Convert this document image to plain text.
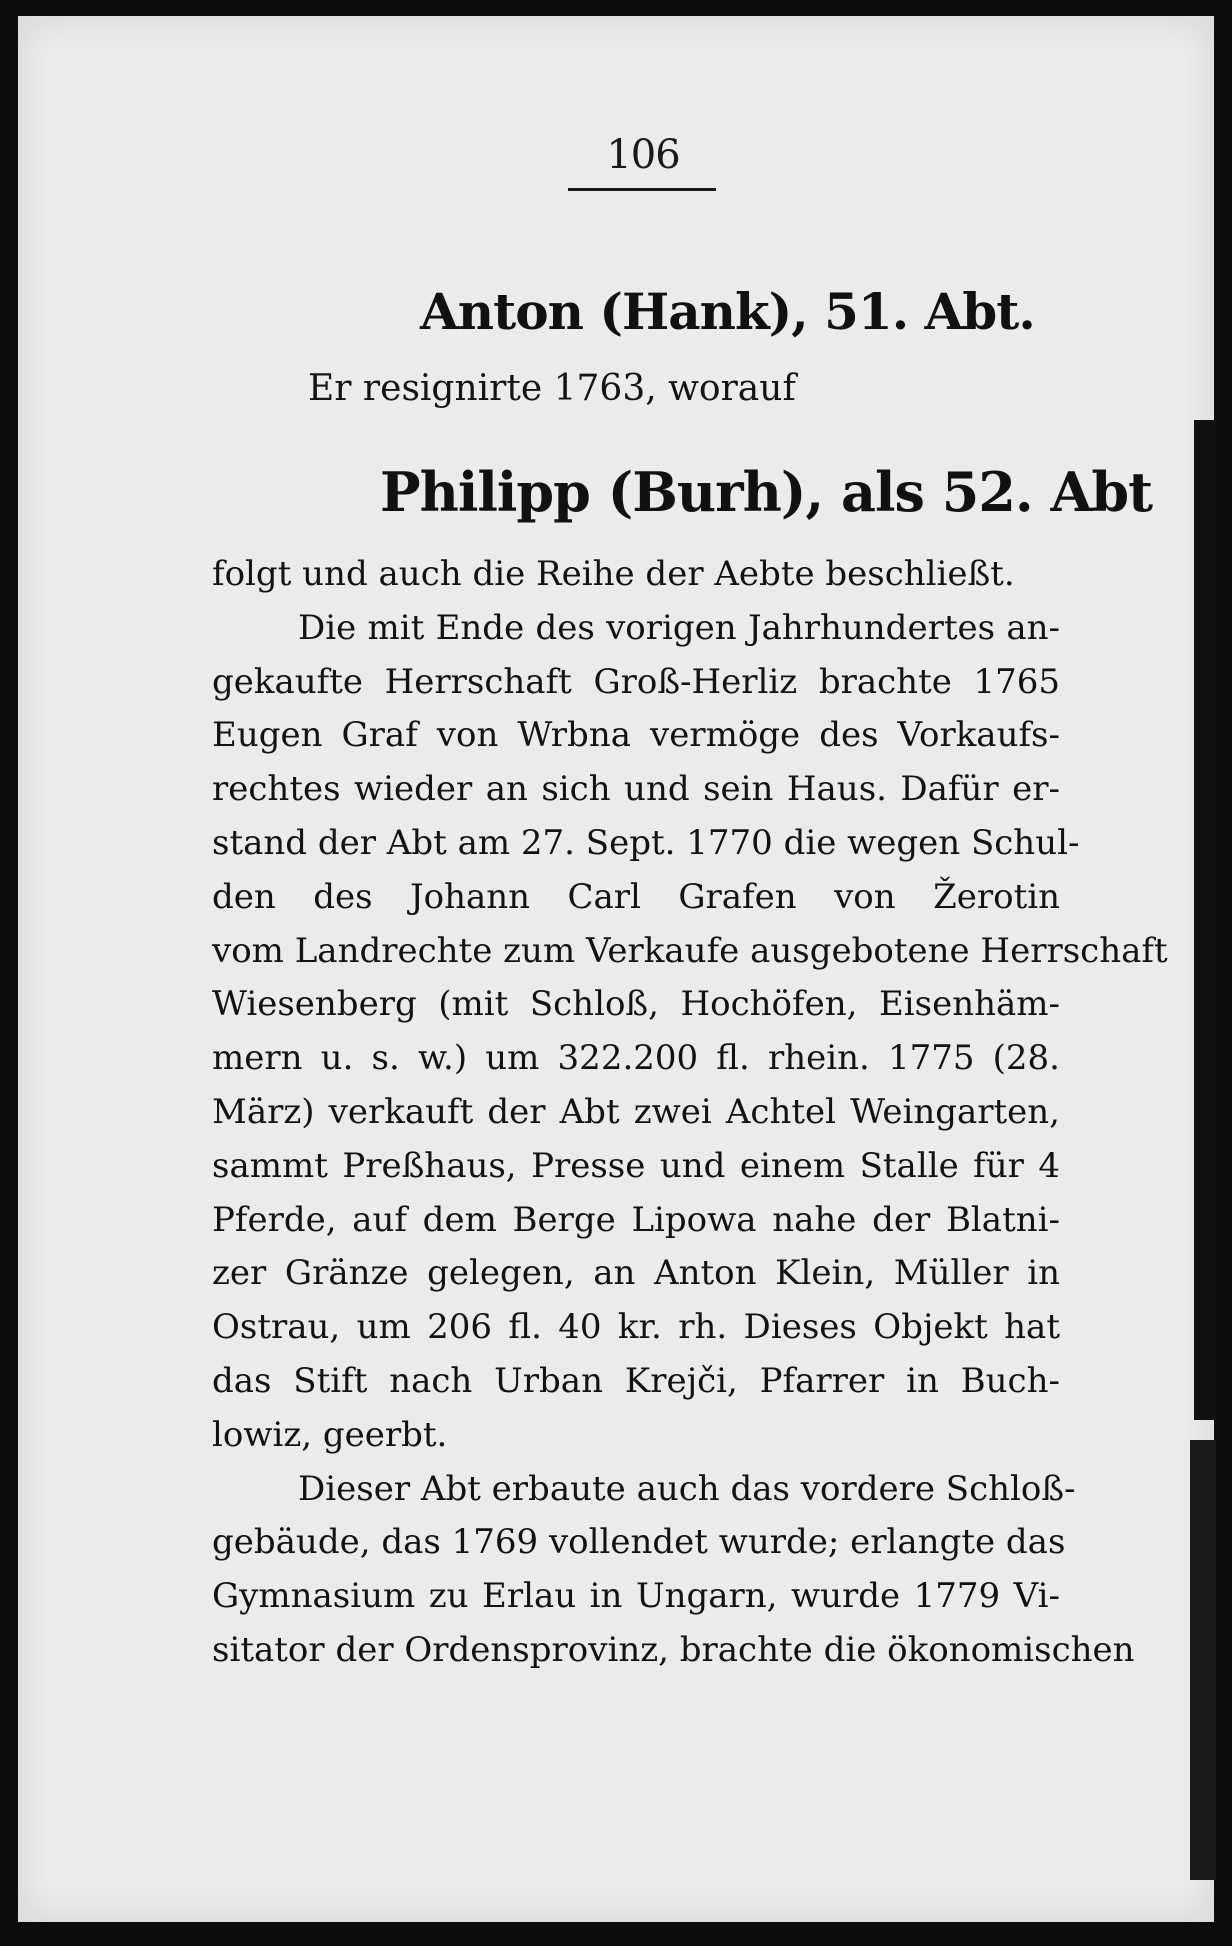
106
Anton (Hank), 51. Abt.
Er resignirte 1763, worauf
Philipp (Burh), als 52. Abt
folgt und auch die Reihe der Aebte beschließt.
Die mit Ende des vorigen Jahrhundertes an-
gekaufte Herrschaft Groß-Herliz brachte 1765
Eugen Graf von Wrbna vermöge des Vorkaufs-
rechtes wieder an sich und sein Haus. Dafür er-
stand der Abt am 27. Sept. 1770 die wegen Schul-
den des Johann Carl Grafen von Žerotin
vom Landrechte zum Verkaufe ausgebotene Herrschaft
Wiesenberg (mit Schloß, Hochöfen, Eisenhäm-
mern u. s. w.) um 322.200 fl. rhein. 1775 (28.
März) verkauft der Abt zwei Achtel Weingarten,
sammt Preßhaus, Presse und einem Stalle für 4
Pferde, auf dem Berge Lipowa nahe der Blatni-
zer Gränze gelegen, an Anton Klein, Müller in
Ostrau, um 206 fl. 40 kr. rh. Dieses Objekt hat
das Stift nach Urban Krejči, Pfarrer in Buch-
lowiz, geerbt.
Dieser Abt erbaute auch das vordere Schloß-
gebäude, das 1769 vollendet wurde; erlangte das
Gymnasium zu Erlau in Ungarn, wurde 1779 Vi-
sitator der Ordensprovinz, brachte die ökonomischen
